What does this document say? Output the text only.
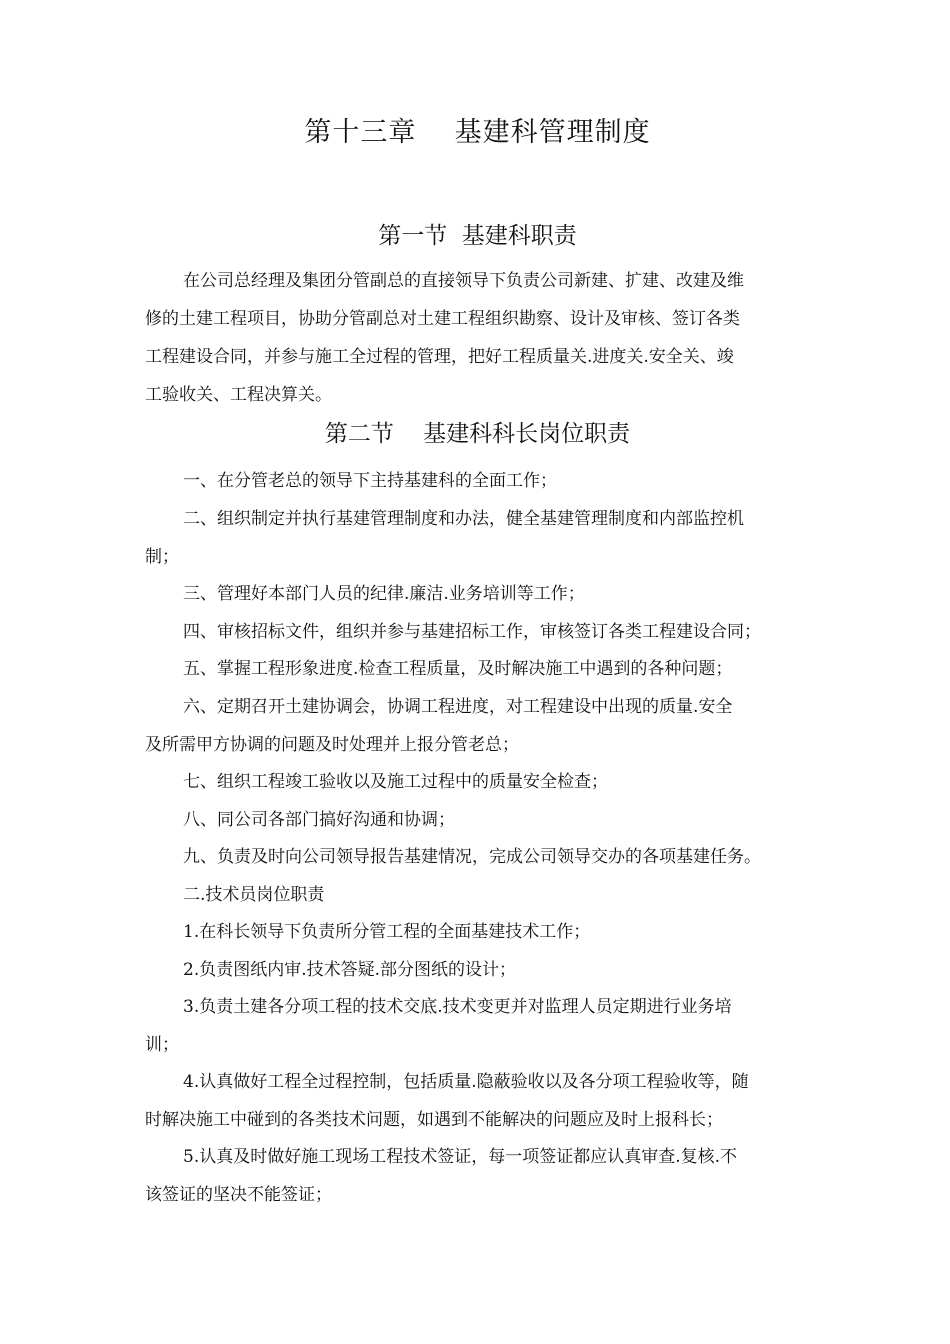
第十三章    基建科管理制度
第一节  基建科职责
在公司总经理及集团分管副总的直接领导下负责公司新建、扩建、改建及维
修的土建工程项目，协助分管副总对土建工程组织勘察、设计及审核、签订各类
工程建设合同，并参与施工全过程的管理，把好工程质量关.进度关.安全关、竣
工验收关、工程决算关。
第二节    基建科科长岗位职责
一、在分管老总的领导下主持基建科的全面工作；
二、组织制定并执行基建管理制度和办法，健全基建管理制度和内部监控机
制；
三、管理好本部门人员的纪律.廉洁.业务培训等工作；
四、审核招标文件，组织并参与基建招标工作，审核签订各类工程建设合同；
五、掌握工程形象进度.检查工程质量，及时解决施工中遇到的各种问题；
六、定期召开土建协调会，协调工程进度，对工程建设中出现的质量.安全
及所需甲方协调的问题及时处理并上报分管老总；
七、组织工程竣工验收以及施工过程中的质量安全检查；
八、同公司各部门搞好沟通和协调；
九、负责及时向公司领导报告基建情况，完成公司领导交办的各项基建任务。
二.技术员岗位职责
1.在科长领导下负责所分管工程的全面基建技术工作；
2.负责图纸内审.技术答疑.部分图纸的设计；
3.负责土建各分项工程的技术交底.技术变更并对监理人员定期进行业务培
训；
4.认真做好工程全过程控制，包括质量.隐蔽验收以及各分项工程验收等，随
时解决施工中碰到的各类技术问题，如遇到不能解决的问题应及时上报科长；
5.认真及时做好施工现场工程技术签证，每一项签证都应认真审查.复核.不
该签证的坚决不能签证；
